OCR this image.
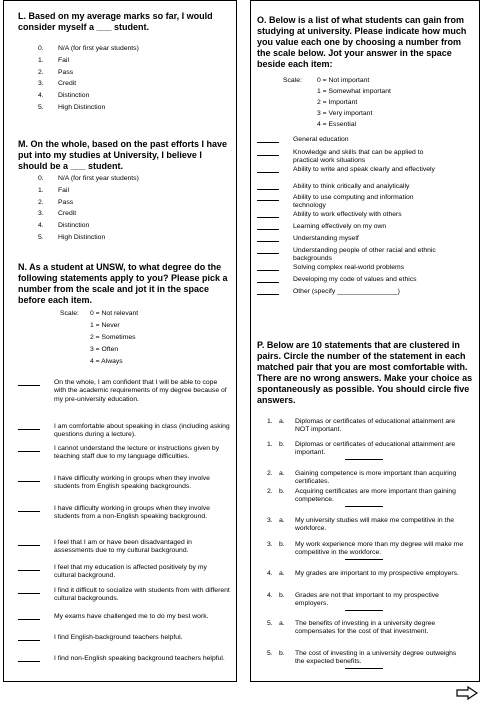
L. Based on my average marks so far, I would consider myself a ___ student.

0. N/A (for first year students)
1. Fail
2. Pass
3. Credit
4. Distinction
5. High Distinction

M. On the whole, based on the past efforts I have put into my studies at University, I believe I should be a ___ student.

0. N/A (for first year students)
1. Fail
2. Pass
3. Credit
4. Distinction
5. High Distinction

N. As a student at UNSW, to what degree do the following statements apply to you? Please pick a number from the scale and jot it in the space before each item.

Scale: 0 = Not relevant
1 = Never
2 = Sometimes
3 = Often
4 = Always
On the whole, I am confident that I will be able to cope with the academic requirements of my degree because of my pre-university education.
I am comfortable about speaking in class (including asking questions during a lecture).
I cannot understand the lecture or instructions given by teaching staff due to my language difficulties.
I have difficulty working in groups when they involve students from English speaking backgrounds.
I have difficulty working in groups when they involve students from a non-English speaking background.
I feel that I am or have been disadvantaged in assessments due to my cultural background.
I feel that my education is affected positively by my cultural background.
I find it difficult to socialize with students from with different cultural backgrounds.
My exams have challenged me to do my best work.
I find English-background teachers helpful.
I find non-English speaking background teachers helpful.

O. Below is a list of what students can gain from studying at university. Please indicate how much you value each one by choosing a number from the scale below. Jot your answer in the space beside each item:

Scale: 0 = Not important
1 = Somewhat important
2 = Important
3 = Very important
4 = Essential
General education
Knowledge and skills that can be applied to practical work situations
Ability to write and speak clearly and effectively
Ability to think critically and analytically
Ability to use computing and information technology
Ability to work effectively with others
Learning effectively on my own
Understanding myself
Understanding people of other racial and ethnic backgrounds
Solving complex real-world problems
Developing my code of values and ethics
Other (specify ________________)

P. Below are 10 statements that are clustered in pairs. Circle the number of the statement in each matched pair that you are most comfortable with. There are no wrong answers. Make your choice as spontaneously as possible. You should circle five answers.

1. a. Diplomas or certificates of educational attainment are NOT important.
1. b. Diplomas or certificates of educational attainment are important.
2. a. Gaining competence is more important than acquiring certificates.
2. b. Acquiring certificates are more important than gaining competence.
3. a. My university studies will make me competitive in the workforce.
3. b. My work experience more than my degree will make me competitive in the workforce.
4. a. My grades are important to my prospective employers.
4. b. Grades are not that important to my prospective employers.
5. a. The benefits of investing in a university degree compensates for the cost of that investment.
5. b. The cost of investing in a university degree outweighs the expected benefits.
